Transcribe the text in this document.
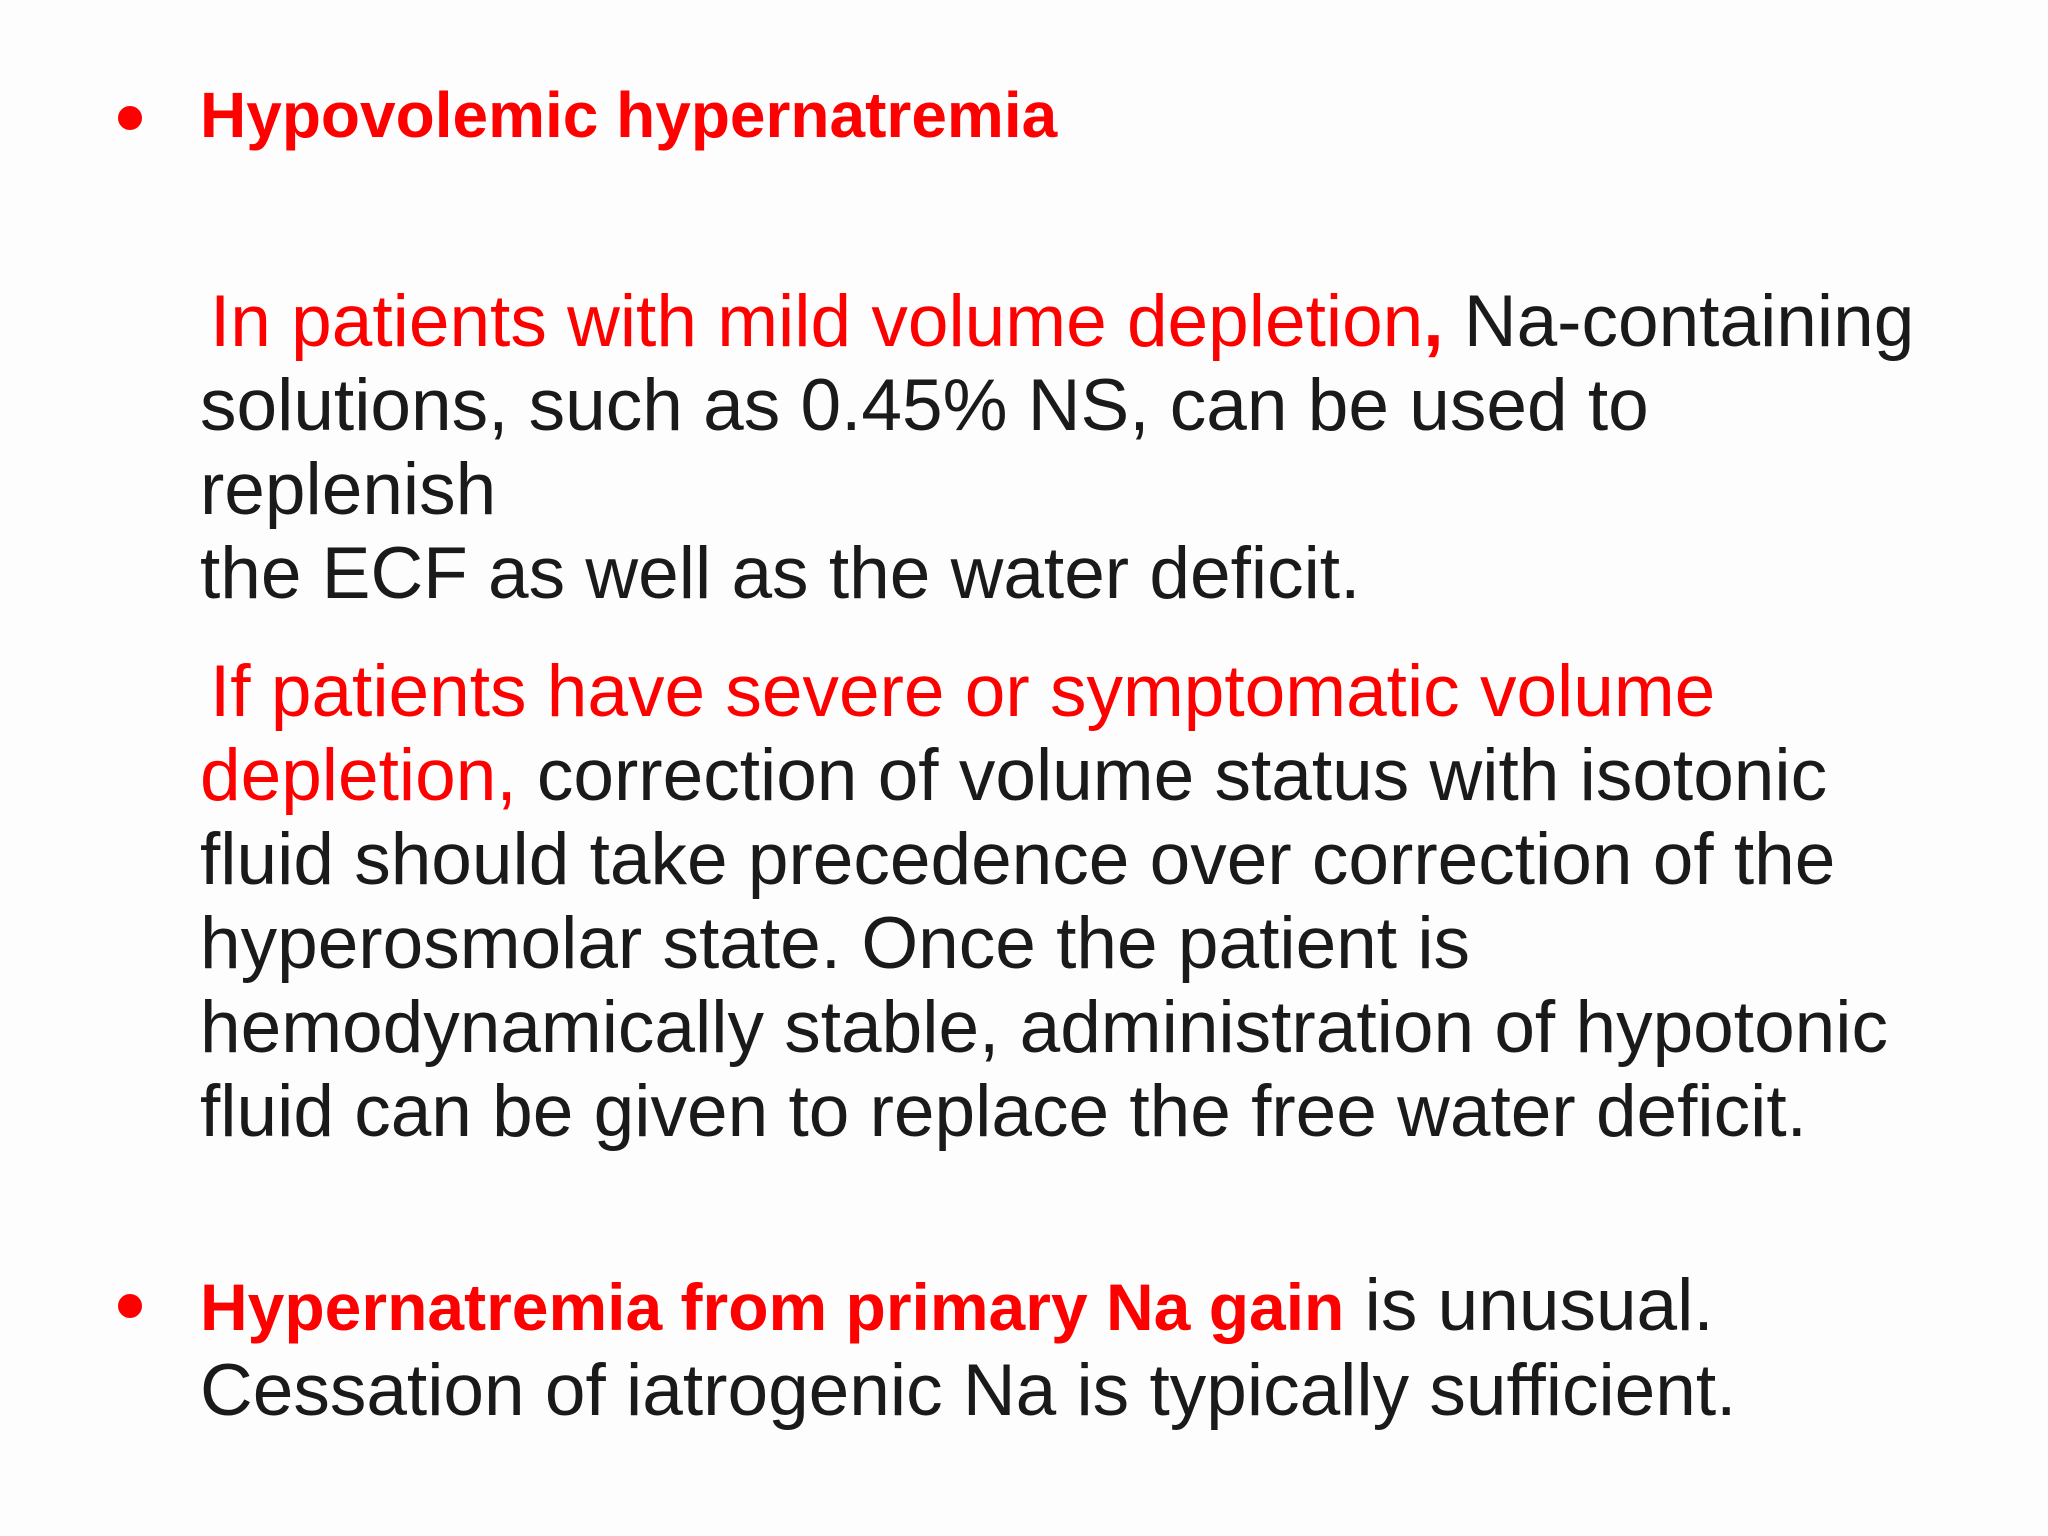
Hypovolemic hypernatremia
In patients with mild volume depletion, Na-containing
solutions, such as 0.45% NS, can be used to replenish
the ECF as well as the water deficit.
If patients have severe or symptomatic volume
depletion, correction of volume status with isotonic
fluid should take precedence over correction of the
hyperosmolar state. Once the patient is
hemodynamically stable, administration of hypotonic
fluid can be given to replace the free water deficit.
Hypernatremia from primary Na gain is unusual.
Cessation of iatrogenic Na is typically sufficient.
